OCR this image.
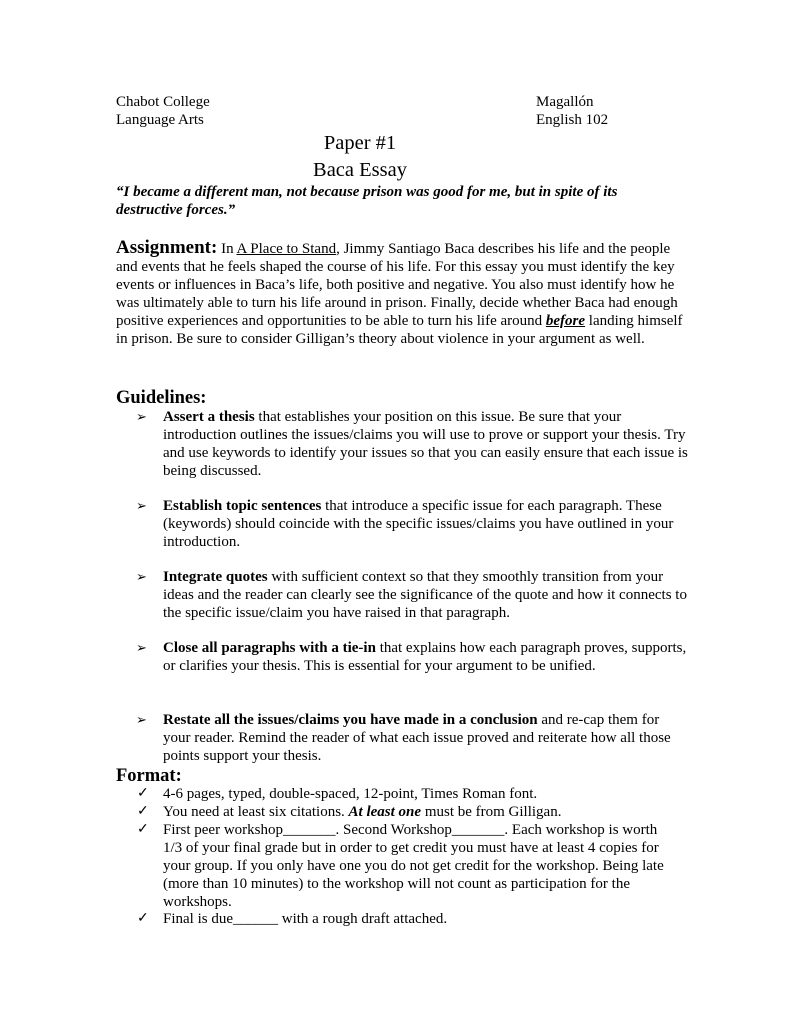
Chabot College
Language Arts
Magallón
English 102
Paper #1
Baca Essay
“I became a different man, not because prison was good for me, but in spite of its destructive forces.”
Assignment: In A Place to Stand, Jimmy Santiago Baca describes his life and the people and events that he feels shaped the course of his life. For this essay you must identify the key events or influences in Baca’s life, both positive and negative. You also must identify how he was ultimately able to turn his life around in prison. Finally, decide whether Baca had enough positive experiences and opportunities to be able to turn his life around before landing himself in prison. Be sure to consider Gilligan’s theory about violence in your argument as well.
Guidelines:
➢ Assert a thesis that establishes your position on this issue. Be sure that your introduction outlines the issues/claims you will use to prove or support your thesis. Try and use keywords to identify your issues so that you can easily ensure that each issue is being discussed.
➢ Establish topic sentences that introduce a specific issue for each paragraph. These (keywords) should coincide with the specific issues/claims you have outlined in your introduction.
➢ Integrate quotes with sufficient context so that they smoothly transition from your ideas and the reader can clearly see the significance of the quote and how it connects to the specific issue/claim you have raised in that paragraph.
➢ Close all paragraphs with a tie-in that explains how each paragraph proves, supports, or clarifies your thesis. This is essential for your argument to be unified.
➢ Restate all the issues/claims you have made in a conclusion and re-cap them for your reader. Remind the reader of what each issue proved and reiterate how all those points support your thesis.
Format:
✓ 4-6 pages, typed, double-spaced, 12-point, Times Roman font.
✓ You need at least six citations. At least one must be from Gilligan.
✓ First peer workshop_______. Second Workshop_______. Each workshop is worth 1/3 of your final grade but in order to get credit you must have at least 4 copies for your group. If you only have one you do not get credit for the workshop. Being late (more than 10 minutes) to the workshop will not count as participation for the workshops.
✓ Final is due______ with a rough draft attached.
